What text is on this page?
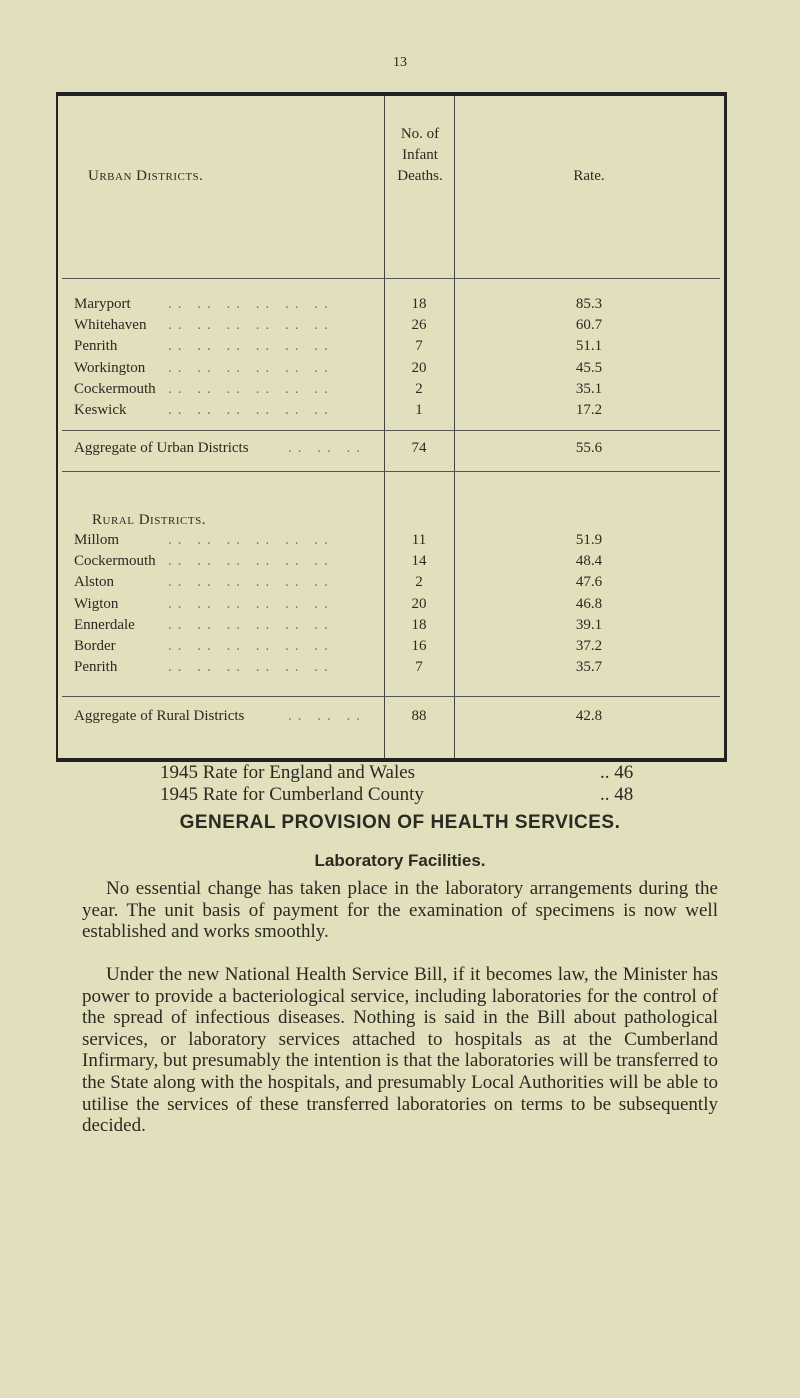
13
Urban Districts.
No. of Infant Deaths.	Rate.
Maryport .. .. .. .. .. ..	18	85.3
Whitehaven .. .. .. .. .. ..	26	60.7
Penrith	.. .. .. .. .. ..	7	51.1
Workington .. .. .. .. .. ..	20	45.5
Cockermouth .. .. .. .. .. ..	2	35.1
Keswick	.. .. .. .. .. ..	1	17.2
Aggregate of Urban Districts	.. .. ..	74	55.6
Rural Districts.
Millom	.. .. .. .. .. ..	11	51.9
Cockermouth .. .. .. .. .. ..	14	48.4
Alston	.. .. .. .. .. ..	2	47.6
Wigton	.. .. .. .. .. ..	20	46.8
Ennerdale .. .. .. .. .. ..	18	39.1
Border	.. .. .. .. .. ..	16	37.2
Penrith	.. .. .. .. .. ..	7	35.7
Aggregate of Rural Districts	.. .. ..	88	42.8
1945 Rate for England and Wales	.. 46
1945 Rate for Cumberland County	.. 48
GENERAL PROVISION OF HEALTH SERVICES.
Laboratory Facilities.

No essential change has taken place in the laboratory arrangements during the year. The unit basis of payment for the examination of specimens is now well established and works smoothly.

Under the new National Health Service Bill, if it becomes law, the Minister has power to provide a bacteriological service, including laboratories for the control of the spread of infectious diseases. Nothing is said in the Bill about pathological services, or laboratory services attached to hospitals as at the Cumberland Infirmary, but presumably the intention is that the laboratories will be transferred to the State along with the hospitals, and presumably Local Authorities will be able to utilise the services of these transferred laboratories on terms to be subsequently decided.
